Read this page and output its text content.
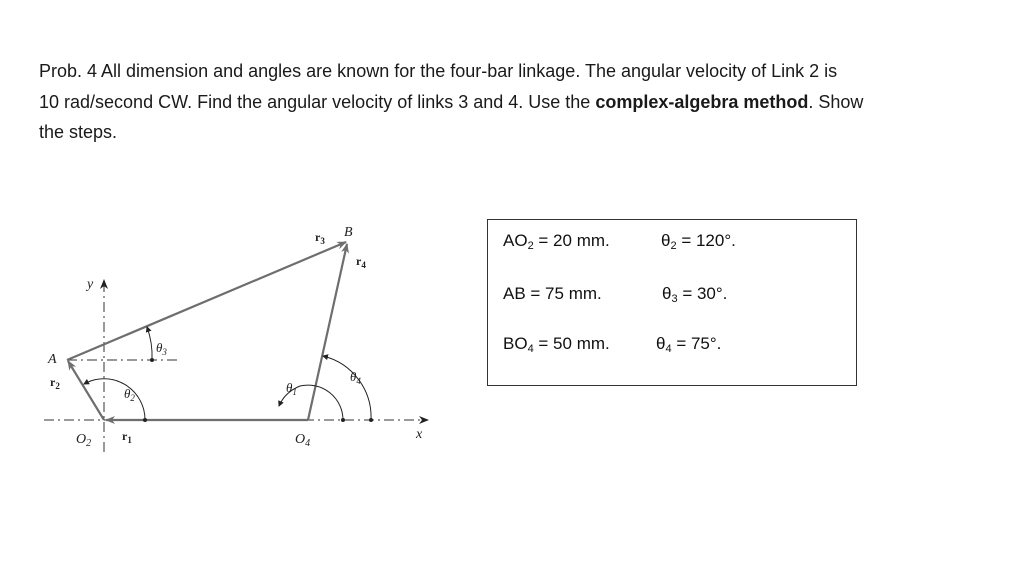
Prob. 4 All dimension and angles are known for the four-bar linkage. The angular velocity of Link 2 is
10 rad/second CW. Find the angular velocity of links 3 and 4. Use the complex-algebra method. Show
the steps.
A
B
y
x
$O_2$	$O_4$
$r_1$
$r_2$
$r_3$
$r_4$
$\theta_1$
$\theta_2$
$\theta_3$
$\theta_4$
$AO_2 = 20$ mm.	$\theta_2 = 120^\circ$.
AB = 75 mm.	$\theta_3 = 30^\circ$.
$BO_4 = 50$ mm.	$\theta_4 = 75^\circ$.
